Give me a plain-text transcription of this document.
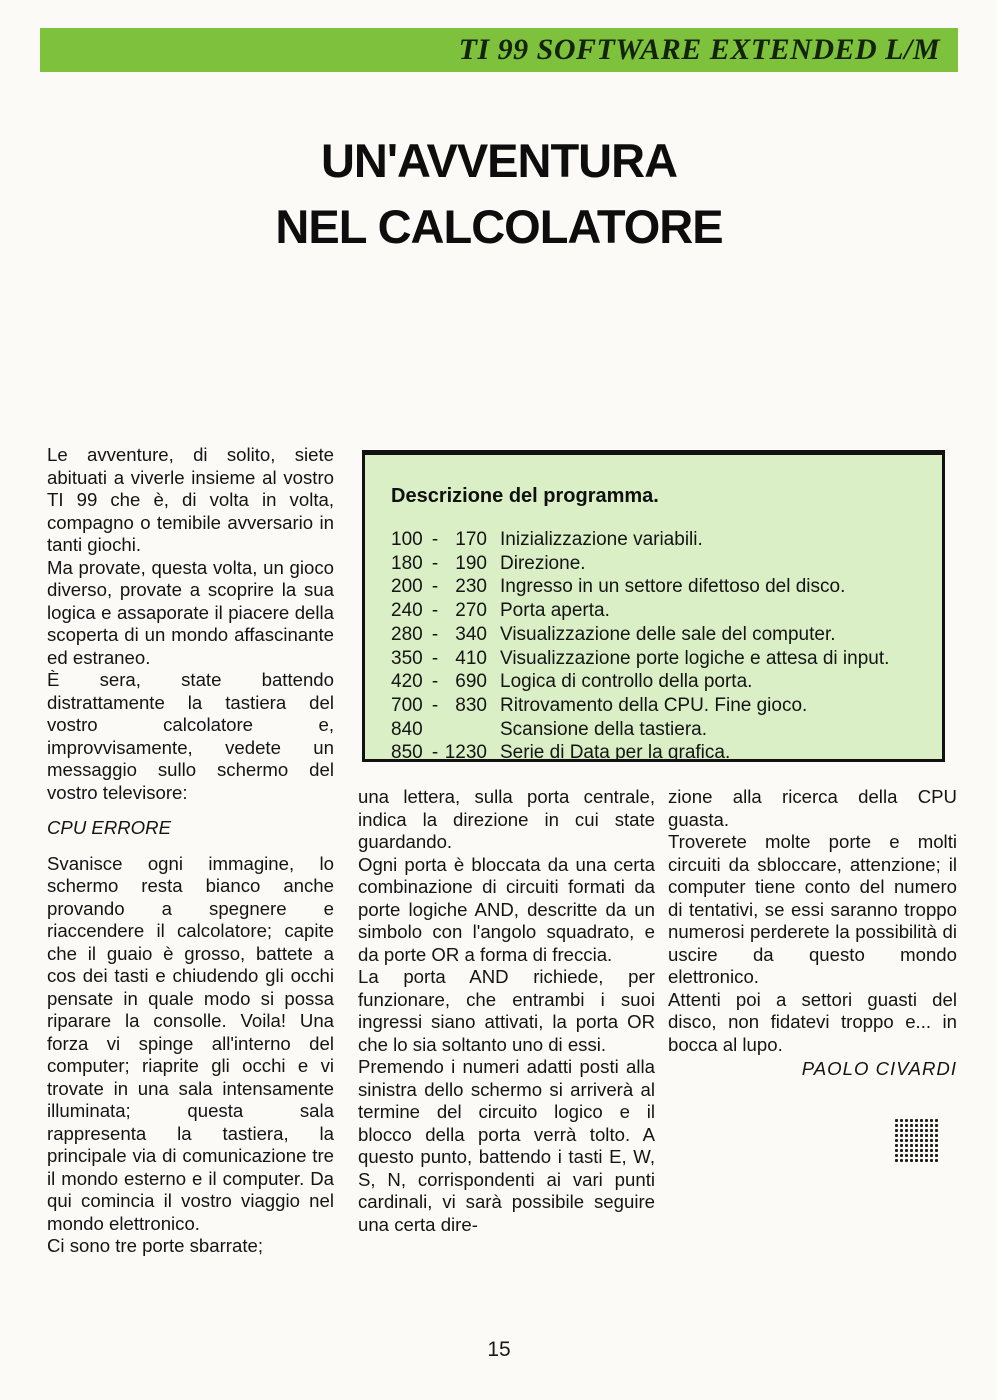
TI 99 SOFTWARE EXTENDED L/M
UN'AVVENTURA
NEL CALCOLATORE

Le avventure, di solito, siete abituati a viverle insieme al vostro TI 99 che è, di volta in volta, compagno o temibile avversario in tanti giochi.

Ma provate, questa volta, un gioco diverso, provate a scoprire la sua logica e assaporate il piacere della scoperta di un mondo affascinante ed estraneo.

È sera, state battendo distrattamente la tastiera del vostro calcolatore e, improvvisamente, vedete un messaggio sullo schermo del vostro televisore:

CPU ERRORE

Svanisce ogni immagine, lo schermo resta bianco anche provando a spegnere e riaccendere il calcolatore; capite che il guaio è grosso, battete a cos dei tasti e chiudendo gli occhi pensate in quale modo si possa riparare la consolle. Voila! Una forza vi spinge all'interno del computer; riaprite gli occhi e vi trovate in una sala intensamente illuminata; questa sala rappresenta la tastiera, la principale via di comunicazione tre il mondo esterno e il computer. Da qui comincia il vostro viaggio nel mondo elettronico.

Ci sono tre porte sbarrate;

Descrizione del programma.
100 - 170 Inizializzazione variabili.
180 - 190 Direzione.
200 - 230 Ingresso in un settore difettoso del disco.
240 - 270 Porta aperta.
280 - 340 Visualizzazione delle sale del computer.
350 - 410 Visualizzazione porte logiche e attesa di input.
420 - 690 Logica di controllo della porta.
700 - 830 Ritrovamento della CPU. Fine gioco.
840	Scansione della tastiera.
850 - 1230 Serie di Data per la grafica.

una lettera, sulla porta centrale, indica la direzione in cui state guardando.

Ogni porta è bloccata da una certa combinazione di circuiti formati da porte logiche AND, descritte da un simbolo con l'angolo squadrato, e da porte OR a forma di freccia.

La porta AND richiede, per funzionare, che entrambi i suoi ingressi siano attivati, la porta OR che lo sia soltanto uno di essi.

Premendo i numeri adatti posti alla sinistra dello schermo si arriverà al termine del circuito logico e il blocco della porta verrà tolto. A questo punto, battendo i tasti E, W, S, N, corrispondenti ai vari punti cardinali, vi sarà possibile seguire una certa dire-

zione alla ricerca della CPU guasta.

Troverete molte porte e molti circuiti da sbloccare, attenzione; il computer tiene conto del numero di tentativi, se essi saranno troppo numerosi perderete la possibilità di uscire da questo mondo elettronico.

Attenti poi a settori guasti del disco, non fidatevi troppo e... in bocca al lupo.

PAOLO CIVARDI

15
